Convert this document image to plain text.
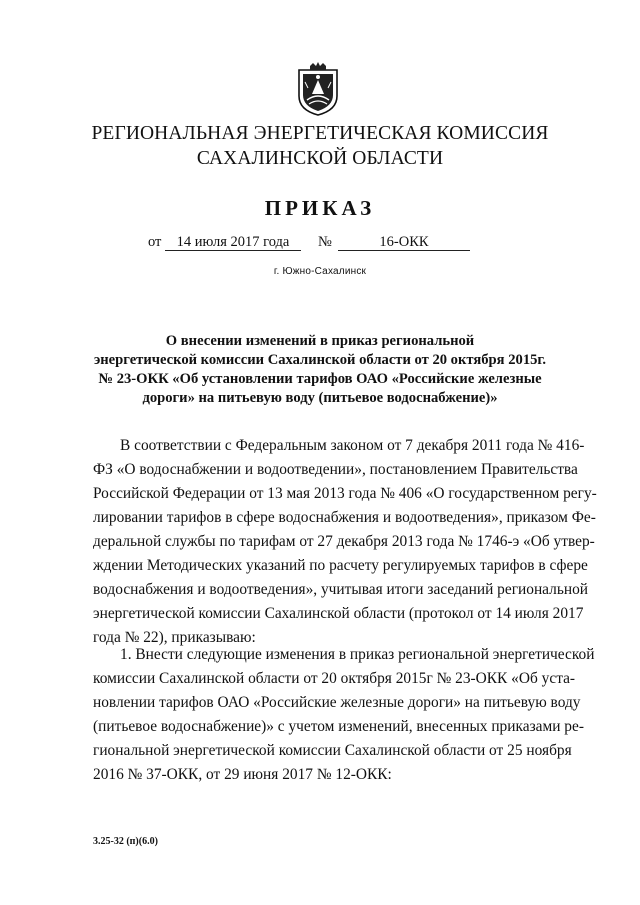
РЕГИОНАЛЬНАЯ ЭНЕРГЕТИЧЕСКАЯ КОМИССИЯ
САХАЛИНСКОЙ ОБЛАСТИ
ПРИКАЗ
от	14 июля 2017 года	№	16-ОКК
г. Южно-Сахалинск
О внесении изменений в приказ региональной
энергетической комиссии Сахалинской области от 20 октября 2015г.
№ 23-ОКК «Об установлении тарифов ОАО «Российские железные
дороги» на питьевую воду (питьевое водоснабжение)»

В соответствии с Федеральным законом от 7 декабря 2011 года № 416-
ФЗ «О водоснабжении и водоотведении», постановлением Правительства
Российской Федерации от 13 мая 2013 года № 406 «О государственном регу-
лировании тарифов в сфере водоснабжения и водоотведения», приказом Фе-
деральной службы по тарифам от 27 декабря 2013 года № 1746-э «Об утвер-
ждении Методических указаний по расчету регулируемых тарифов в сфере
водоснабжения и водоотведения», учитывая итоги заседаний региональной
энергетической комиссии Сахалинской области (протокол от 14 июля 2017
года № 22), приказываю:

1. Внести следующие изменения в приказ региональной энергетической
комиссии Сахалинской области от 20 октября 2015г № 23-ОКК «Об уста-
новлении тарифов ОАО «Российские железные дороги» на питьевую воду
(питьевое водоснабжение)» с учетом изменений, внесенных приказами ре-
гиональной энергетической комиссии Сахалинской области от 25 ноября
2016 № 37-ОКК, от 29 июня 2017 № 12-ОКК:

3.25-32 (п)(6.0)
